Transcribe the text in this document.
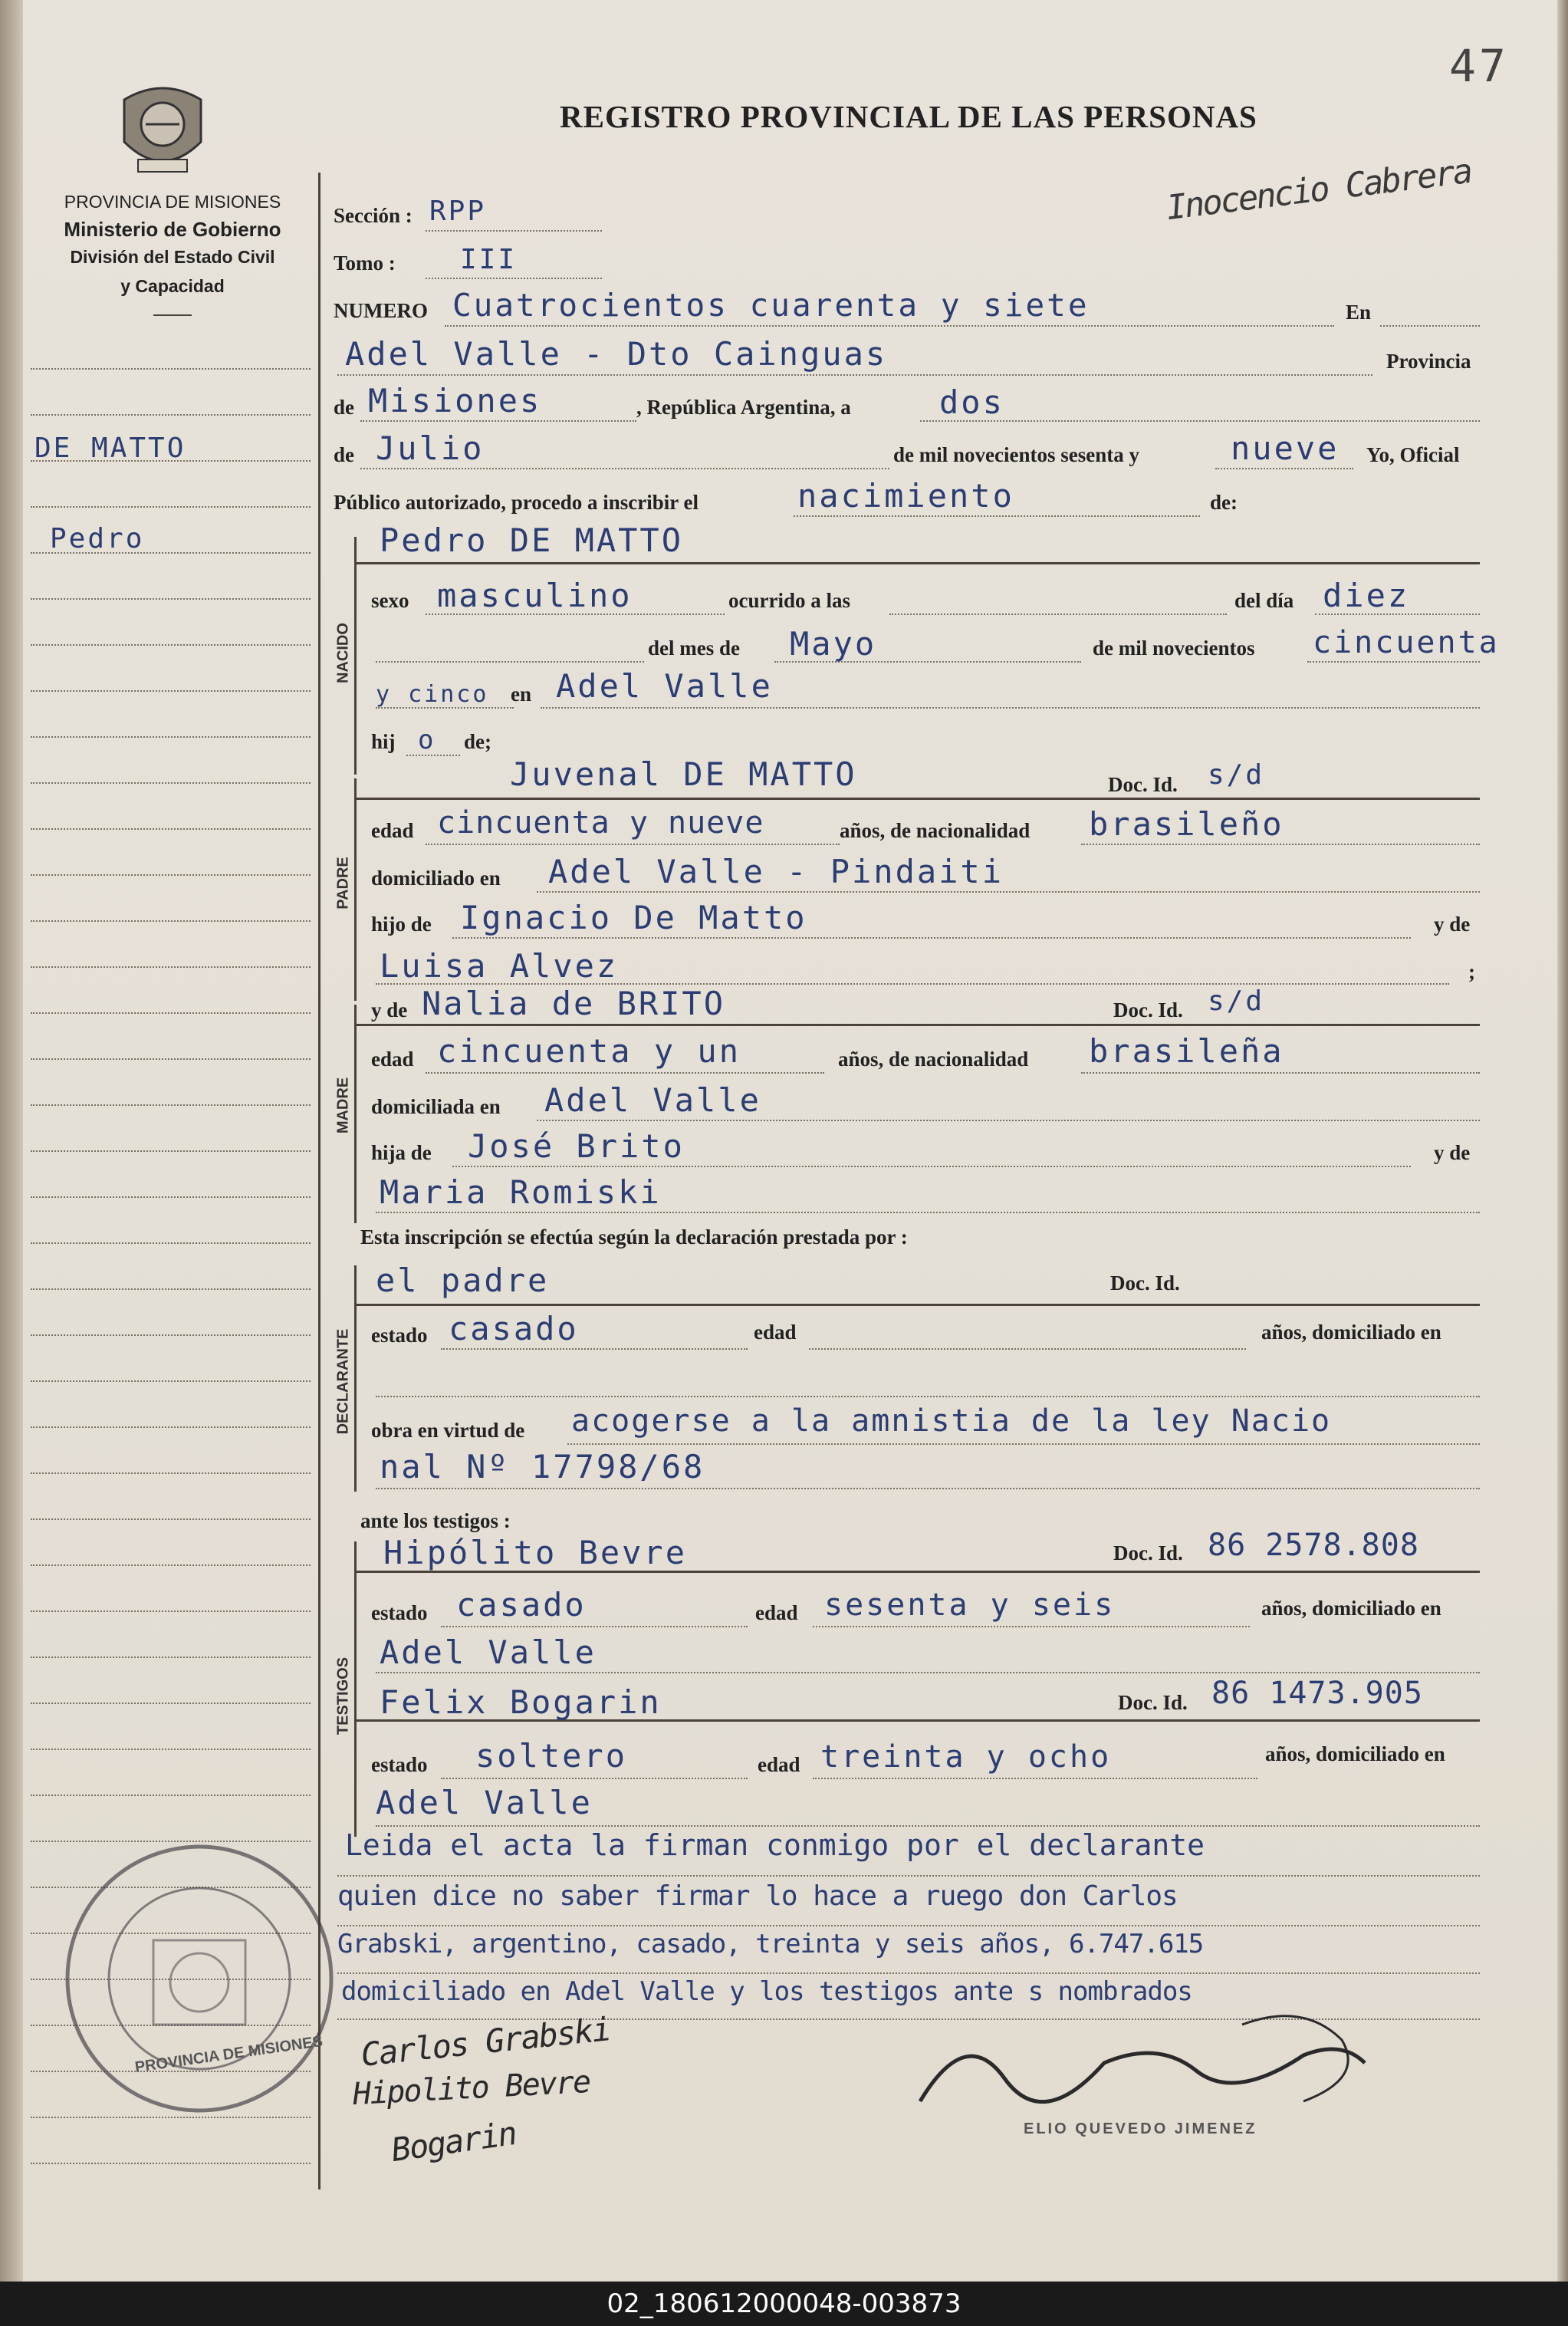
47
PROVINCIA DE MISIONES
Ministerio de Gobierno
División del Estado Civil
y Capacidad
REGISTRO PROVINCIAL DE LAS PERSONAS
Inocencio Cabrera
DE MATTO
Pedro
Sección : RPP
Tomo : III
NUMERO Cuatrocientos cuarenta y siete	En
Adel Valle - Dto Cainguas	Provincia
de Misiones	, República Argentina, a	dos
de Julio	de mil novecientos sesenta y	nueve Yo, Oficial
Público autorizado, procedo a inscribir el	nacimiento	de:
NACIDO
Pedro DE MATTO
sexo masculino	ocurrido a las	del día diez
del mes de Mayo	de mil novecientos cincuenta
y cinco en Adel Valle
hij o de;
PADRE
Juvenal DE MATTO	Doc. Id. s/d
edad cincuenta y nueve	años, de nacionalidad brasileño
domiciliado en Adel Valle - Pindaiti
hijo de Ignacio De Matto	y de
Luisa Alvez	;
MADRE
y de Nalia de BRITO	Doc. Id. s/d
edad cincuenta y un	años, de nacionalidad brasileña
domiciliada en Adel Valle
hija de José Brito	y de
Maria Romiski
Esta inscripción se efectúa según la declaración prestada por :
DECLARANTE
el padre	Doc. Id.
estado casado	edad	años, domiciliado en
obra en virtud de acogerse a la amnistia de la ley Nacio
nal Nº 17798/68
ante los testigos :
TESTIGOS
Hipólito Bevre	Doc. Id. 86 2578.808
estado casado	edad sesenta y seis	años, domiciliado en
Adel Valle
Felix Bogarin	Doc. Id. 86 1473.905
estado soltero	edad treinta y ocho	años, domiciliado en
Adel Valle
Leida el acta la firman conmigo por el declarante
quien dice no saber firmar lo hace a ruego don Carlos
Grabski, argentino, casado, treinta y seis años, 6.747.615
domiciliado en Adel Valle y los testigos ante s nombrados
PROVINCIA DE MISIONES Carlos Grabski
Hipolito Bevre
Bogarin	ELIO QUEVEDO JIMENEZ
02_180612000048-003873
